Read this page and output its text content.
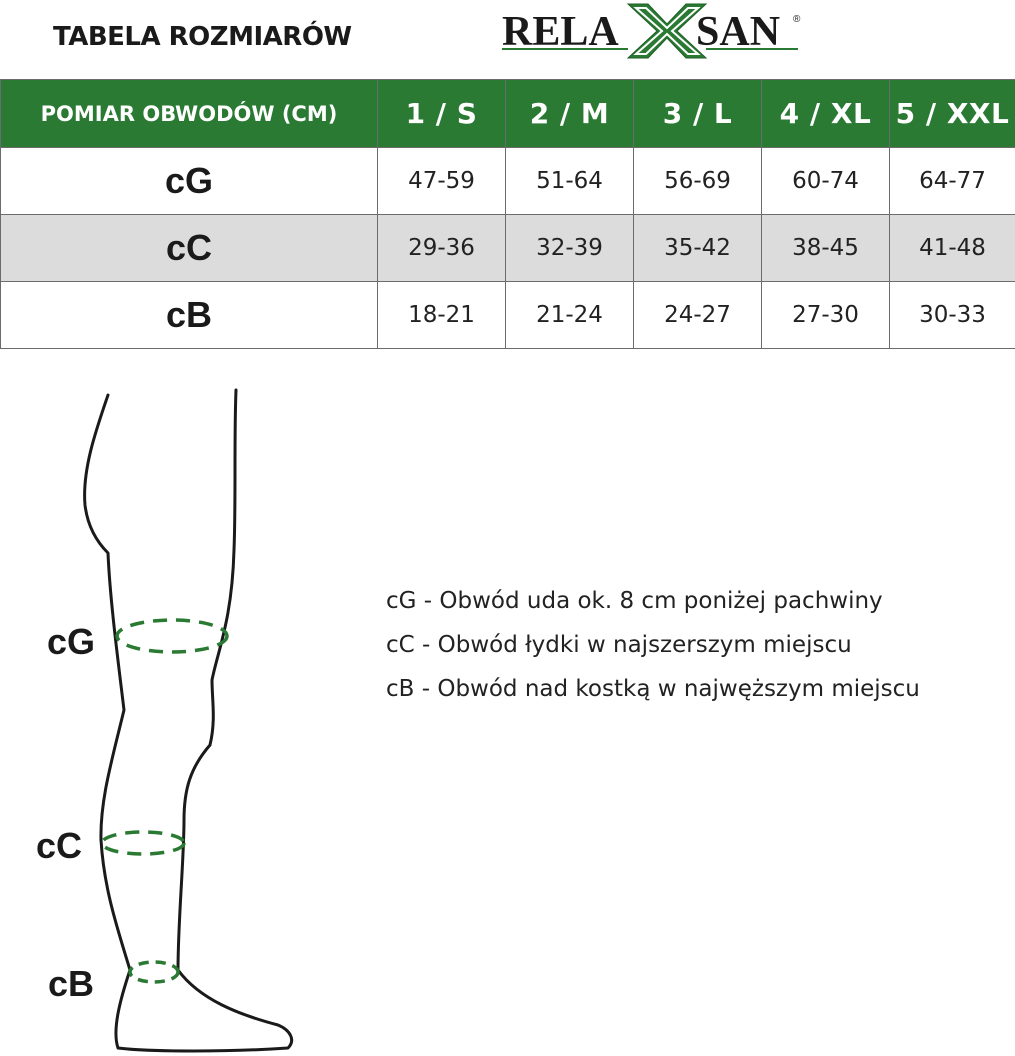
TABELA ROZMIARÓW	RELA SAN ®
POMIAR OBWODÓW (CM)	1 / S	2 / M	3 / L	4 / XL	5 / XXL
cG	47-59	51-64	56-69	60-74	64-77
cC	29-36	32-39	35-42	38-45	41-48
cB	18-21	21-24	24-27	27-30	30-33
cG
cC
cB
cG - Obwód uda ok. 8 cm poniżej pachwiny
cC - Obwód łydki w najszerszym miejscu
cB - Obwód nad kostką w najwęższym miejscu
